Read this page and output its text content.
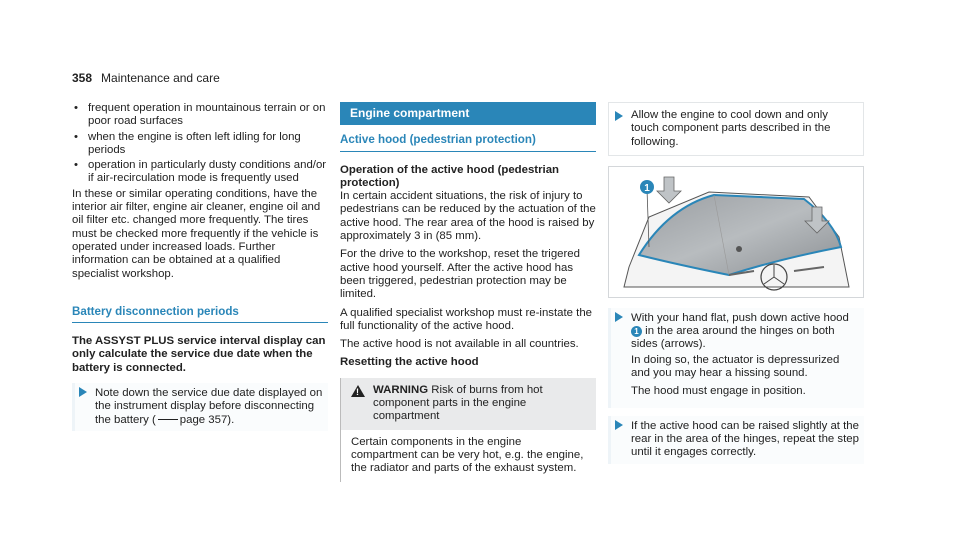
358 Maintenance and care
• frequent operation in mountainous terrain or on poor road surfaces
• when the engine is often left idling for long periods
• operation in particularly dusty conditions and/or if air-recirculation mode is frequently used

In these or similar operating conditions, have the interior air filter, engine air cleaner, engine oil and oil filter etc. changed more frequently. The tires must be checked more frequently if the vehicle is operated under increased loads. Further information can be obtained at a qualified specialist workshop.

Battery disconnection periods

The ASSYST PLUS service interval display can only calculate the service due date when the battery is connected.

Note down the service due date displayed on the instrument display before disconnecting the battery ( page 357).
Engine compartment
Active hood (pedestrian protection)

Operation of the active hood (pedestrian protection)

In certain accident situations, the risk of injury to pedestrians can be reduced by the actuation of the active hood. The rear area of the hood is raised by approximately 3 in (85 mm).

For the drive to the workshop, reset the trigered active hood yourself. After the active hood has been triggered, pedestrian protection may be limited.

A qualified specialist workshop must re-instate the full functionality of the active hood.

The active hood is not available in all countries.

Resetting the active hood

!
WARNING Risk of burns from hot component parts in the engine compartment
Certain components in the engine compartment can be very hot, e.g. the engine, the radiator and parts of the exhaust system.
Allow the engine to cool down and only touch component parts described in the following.
1
With your hand flat, push down active hood
1 in the area around the hinges on both sides (arrows).

In doing so, the actuator is depressurized and you may hear a hissing sound.

The hood must engage in position.

If the active hood can be raised slightly at the rear in the area of the hinges, repeat the step until it engages correctly.
